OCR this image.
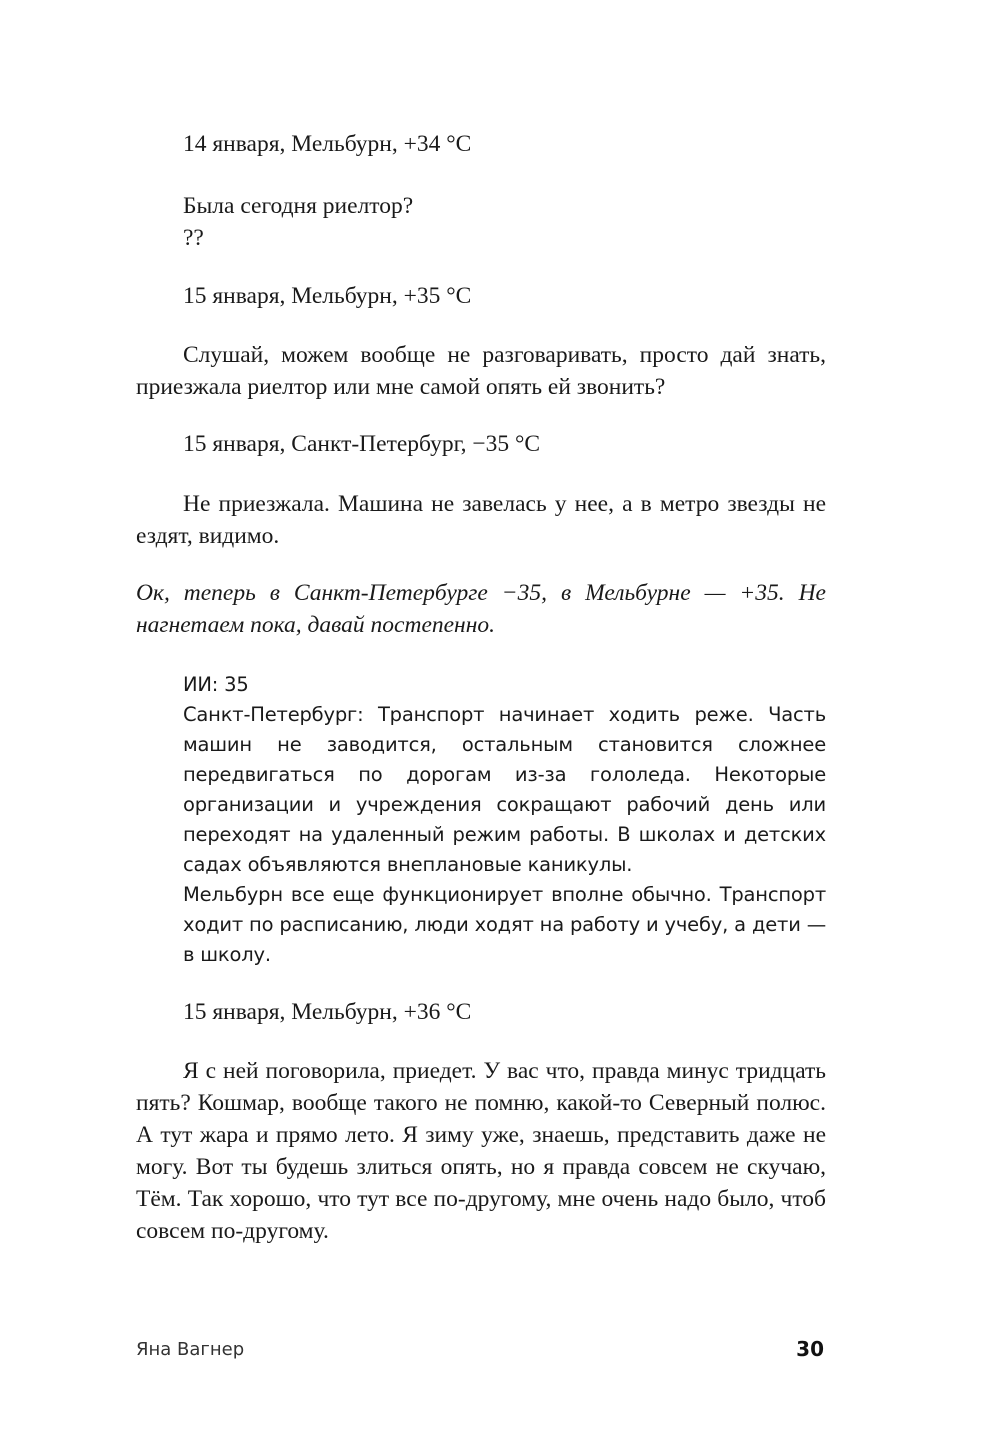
14 января, Мельбурн, +34 °C

Была сегодня риелтор?

??

15 января, Мельбурн, +35 °C
Слушай, можем вообще не разговаривать, просто дай знать, приезжала риелтор или мне самой опять ей звонить?
15 января, Санкт-Петербург, −35 °C
Не приезжала. Машина не завелась у нее, а в метро звезды не ездят, видимо.
Ок, теперь в Санкт-Петербурге −35, в Мельбурне — +35. Не нагнетаем пока, давай постепенно.

ИИ: 35

Санкт-Петербург: Транспорт начинает ходить реже. Часть машин не заводится, остальным становится сложнее передвигаться по дорогам из-за гололеда. Некоторые организации и учреждения сокращают рабочий день или переходят на удаленный режим работы. В школах и детских садах объявляются внеплановые каникулы.

Мельбурн все еще функционирует вполне обычно. Транспорт ходит по расписанию, люди ходят на работу и учебу, а дети — в школу.

15 января, Мельбурн, +36 °C
Я с ней поговорила, приедет. У вас что, правда минус тридцать пять? Кошмар, вообще такого не помню, какой-то Северный полюс. А тут жара и прямо лето. Я зиму уже, знаешь, представить даже не могу. Вот ты будешь злиться опять, но я правда совсем не скучаю, Тём. Так хорошо, что тут все по-другому, мне очень надо было, чтоб совсем по-другому.
Яна Вагнер	30
